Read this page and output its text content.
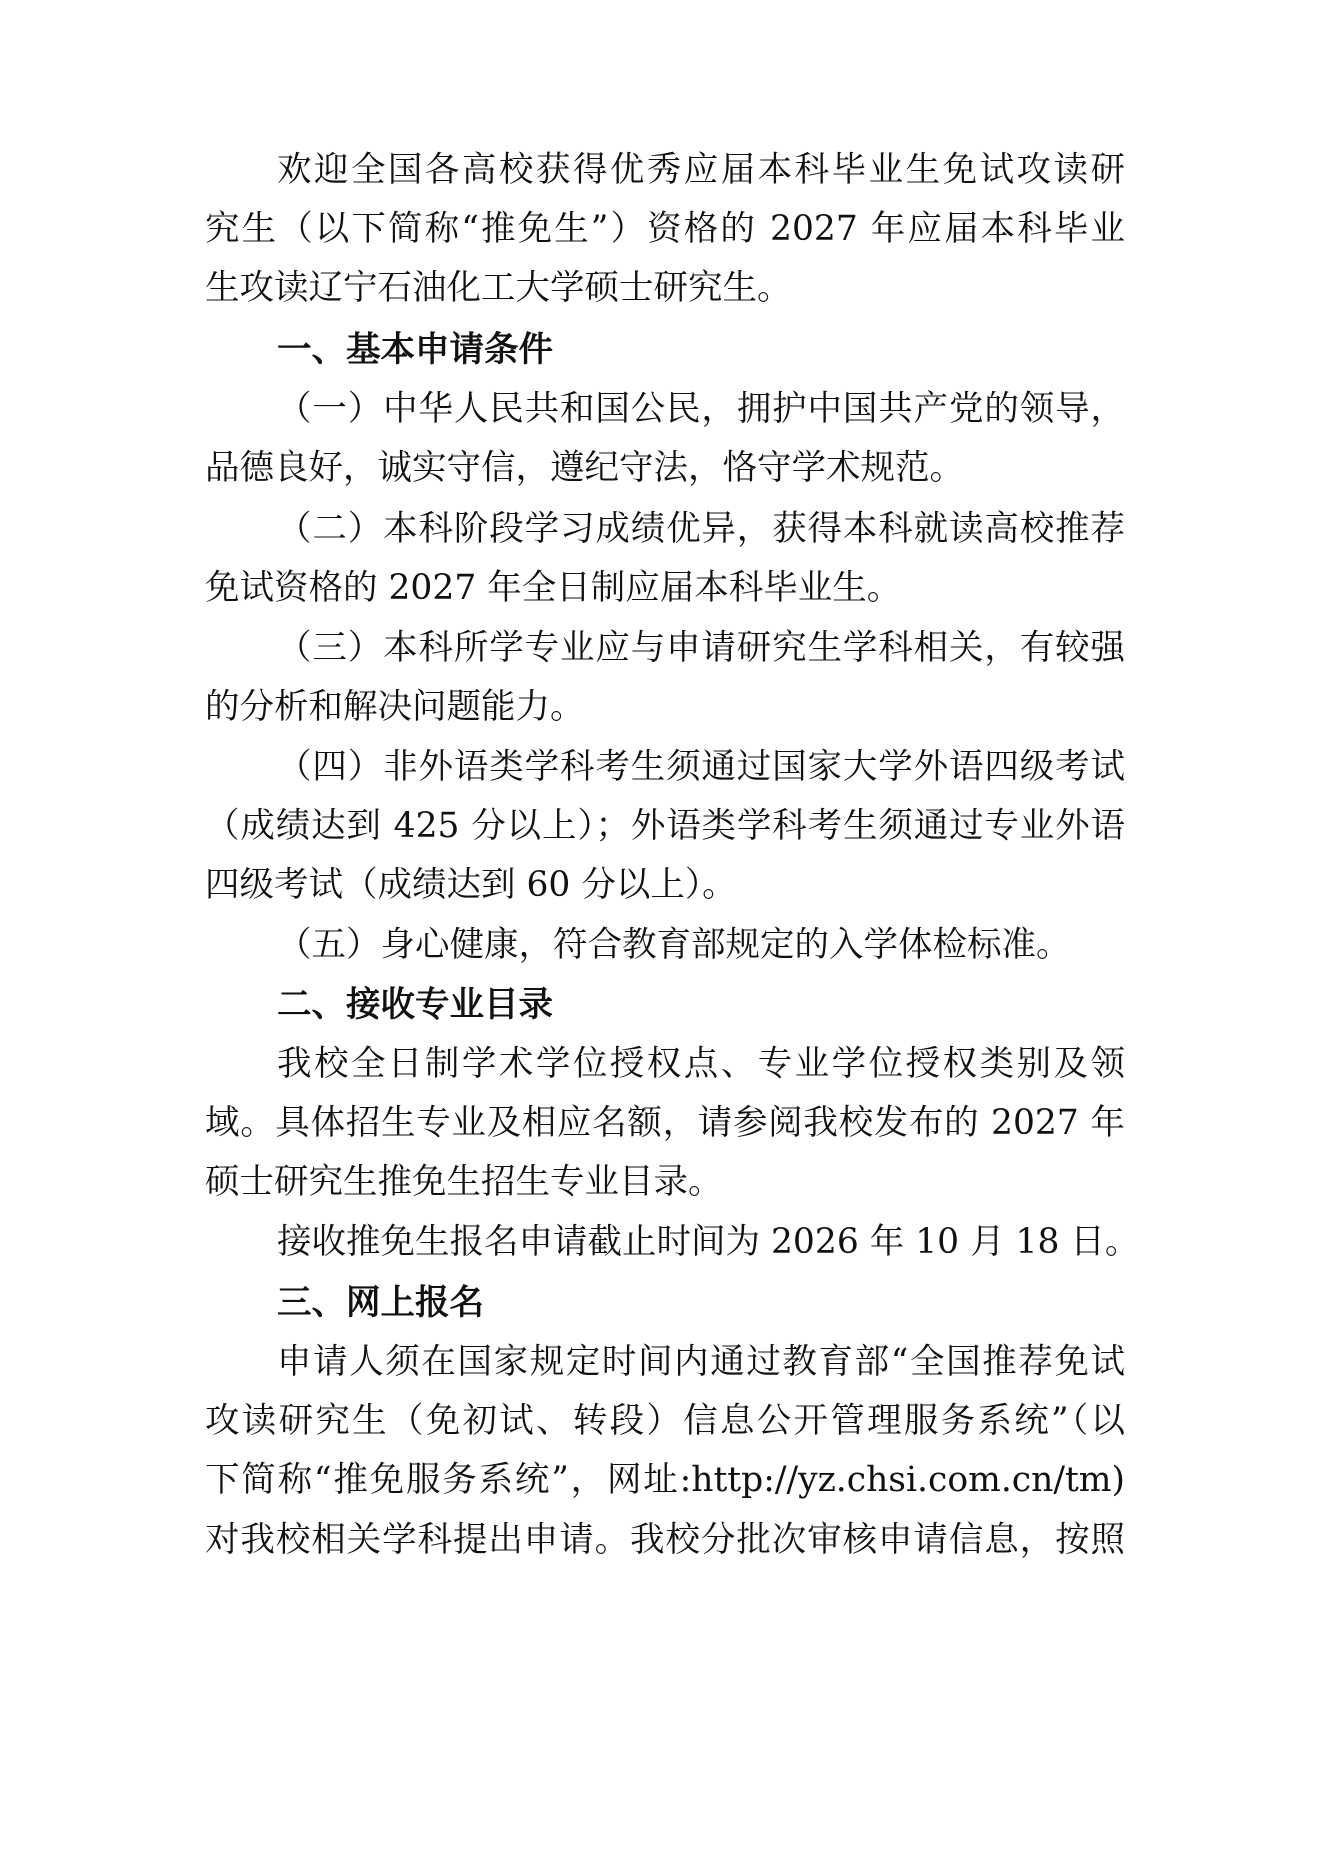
欢迎全国各高校获得优秀应届本科毕业生免试攻读研
究生（以下简称“推免生”）资格的 2027 年应届本科毕业
生攻读辽宁石油化工大学硕士研究生。
一、基本申请条件
（一）中华人民共和国公民，拥护中国共产党的领导，
品德良好，诚实守信，遵纪守法，恪守学术规范。
（二）本科阶段学习成绩优异，获得本科就读高校推荐
免试资格的 2027 年全日制应届本科毕业生。
（三）本科所学专业应与申请研究生学科相关，有较强
的分析和解决问题能力。
（四）非外语类学科考生须通过国家大学外语四级考试
（成绩达到 425 分以上）；外语类学科考生须通过专业外语
四级考试（成绩达到 60 分以上）。
（五）身心健康，符合教育部规定的入学体检标准。
二、接收专业目录
我校全日制学术学位授权点、专业学位授权类别及领
域。具体招生专业及相应名额，请参阅我校发布的 2027 年
硕士研究生推免生招生专业目录。
接收推免生报名申请截止时间为 2026 年 10 月 18 日。
三、网上报名
申请人须在国家规定时间内通过教育部“全国推荐免试
攻读研究生（免初试、转段）信息公开管理服务系统”（以
下简称“推免服务系统”，网址:http://yz.chsi.com.cn/tm)
对我校相关学科提出申请。我校分批次审核申请信息，按照
